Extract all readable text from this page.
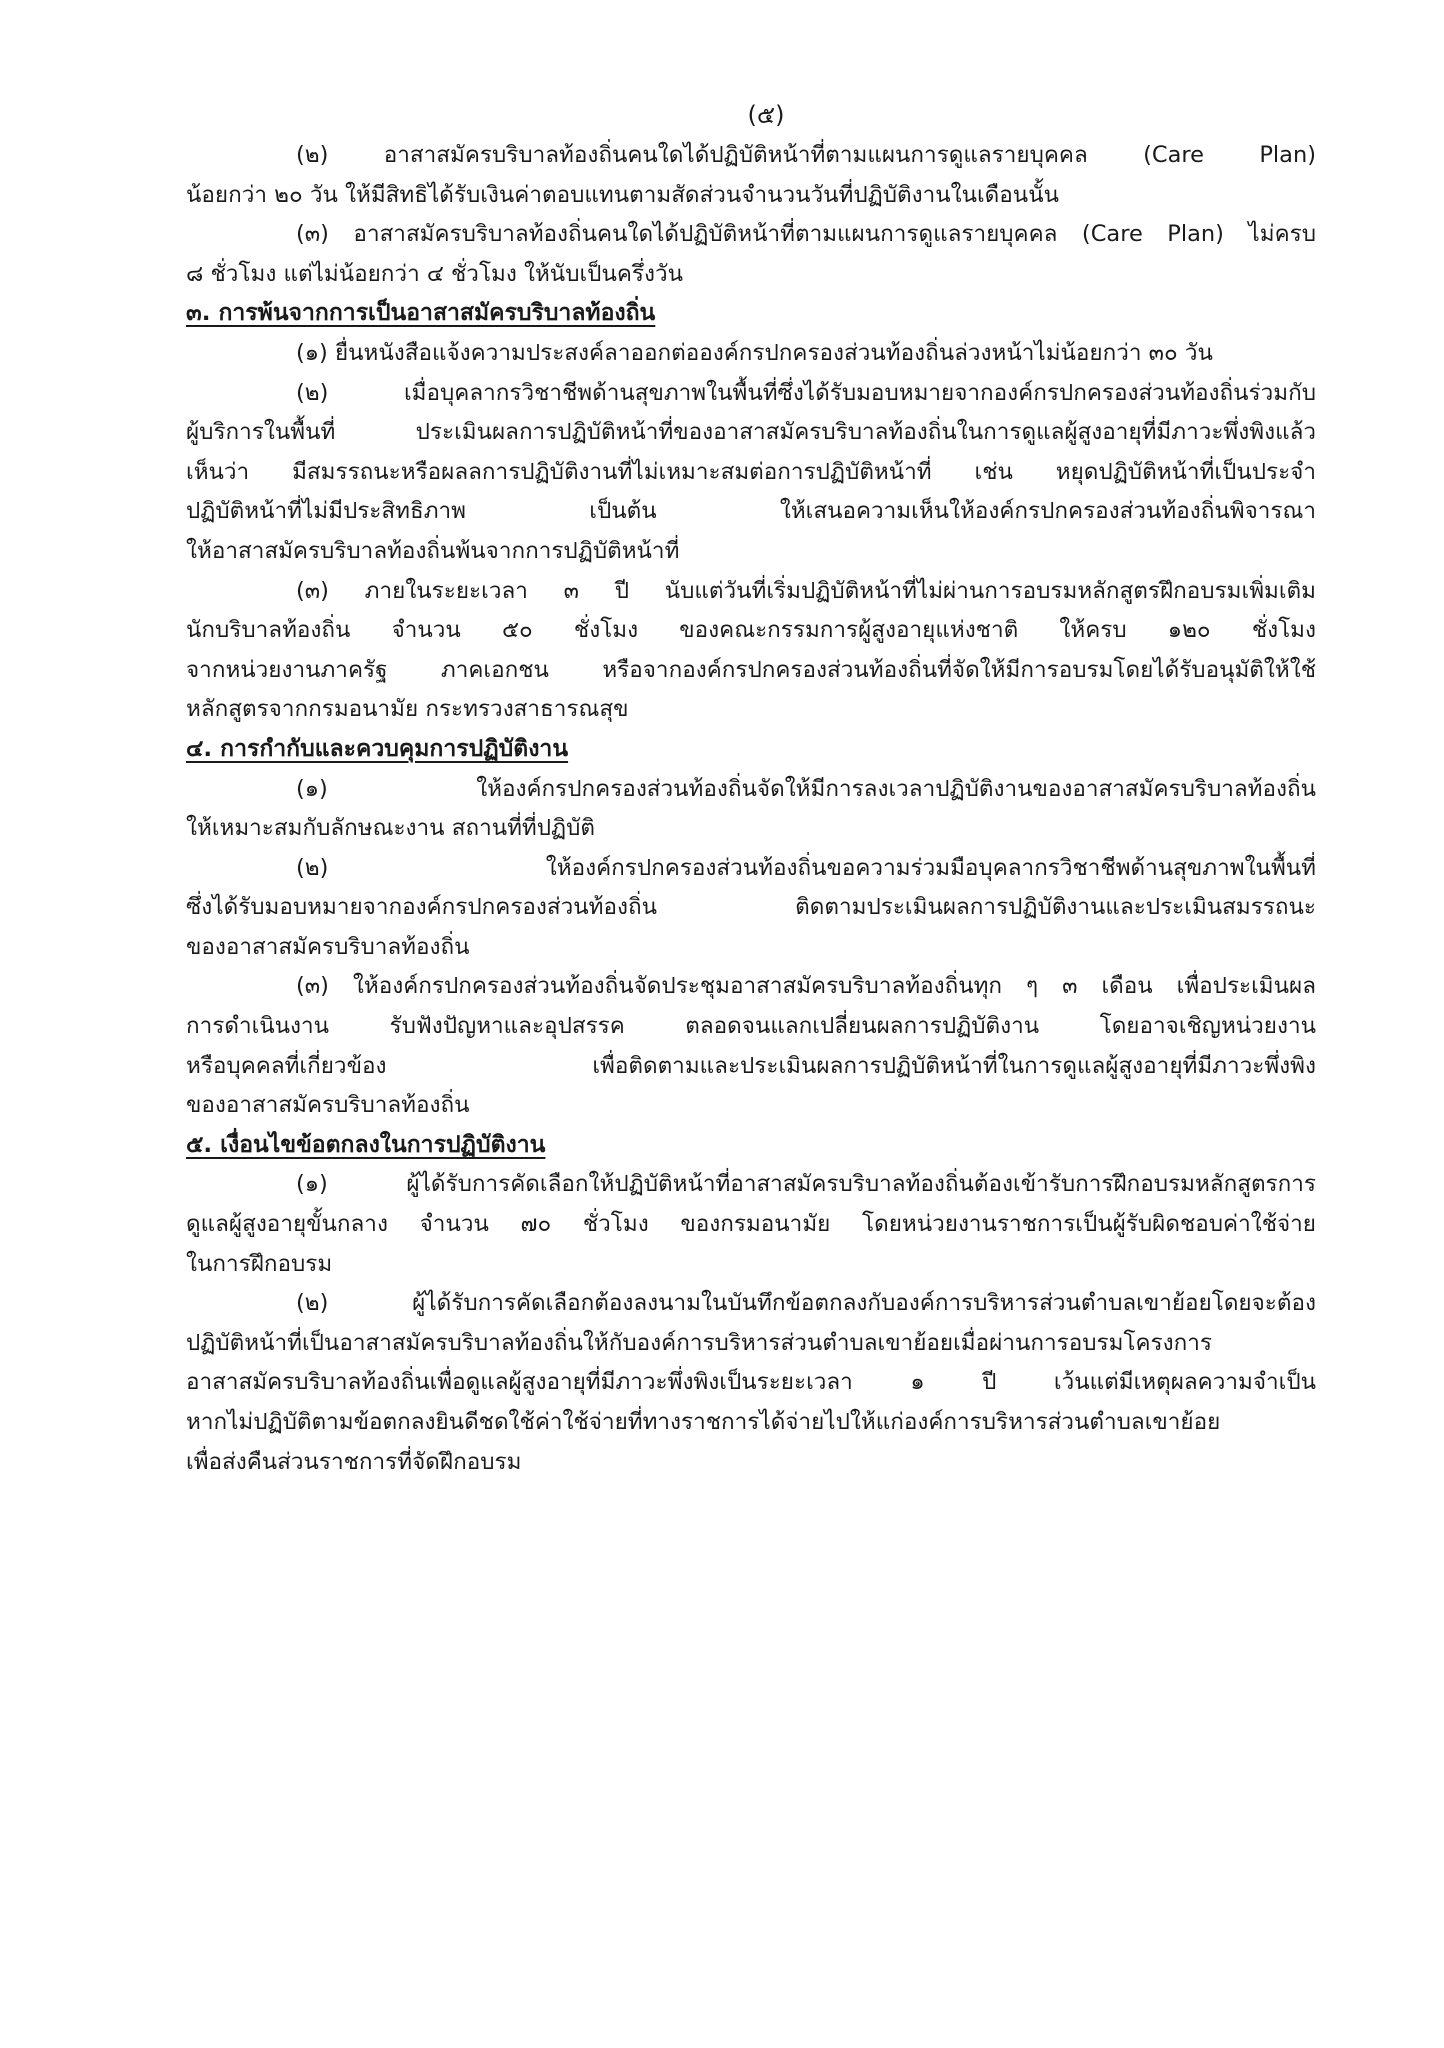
(๕)
(๒) อาสาสมัครบริบาลท้องถิ่นคนใดได้ปฏิบัติหน้าที่ตามแผนการดูแลรายบุคคล (Care Plan)
น้อยกว่า ๒๐ วัน ให้มีสิทธิได้รับเงินค่าตอบแทนตามสัดส่วนจำนวนวันที่ปฏิบัติงานในเดือนนั้น
(๓) อาสาสมัครบริบาลท้องถิ่นคนใดได้ปฏิบัติหน้าที่ตามแผนการดูแลรายบุคคล (Care Plan) ไม่ครบ
๘ ชั่วโมง แต่ไม่น้อยกว่า ๔ ชั่วโมง ให้นับเป็นครึ่งวัน
๓. การพ้นจากการเป็นอาสาสมัครบริบาลท้องถิ่น
(๑) ยื่นหนังสือแจ้งความประสงค์ลาออกต่อองค์กรปกครองส่วนท้องถิ่นล่วงหน้าไม่น้อยกว่า ๓๐ วัน
(๒) เมื่อบุคลากรวิชาชีพด้านสุขภาพในพื้นที่ซึ่งได้รับมอบหมายจากองค์กรปกครองส่วนท้องถิ่นร่วมกับ
ผู้บริการในพื้นที่ ประเมินผลการปฏิบัติหน้าที่ของอาสาสมัครบริบาลท้องถิ่นในการดูแลผู้สูงอายุที่มีภาวะพึ่งพิงแล้ว
เห็นว่า มีสมรรถนะหรือผลลการปฏิบัติงานที่ไม่เหมาะสมต่อการปฏิบัติหน้าที่ เช่น หยุดปฏิบัติหน้าที่เป็นประจำ
ปฏิบัติหน้าที่ไม่มีประสิทธิภาพ เป็นต้น ให้เสนอความเห็นให้องค์กรปกครองส่วนท้องถิ่นพิจารณา
ให้อาสาสมัครบริบาลท้องถิ่นพ้นจากการปฏิบัติหน้าที่
(๓) ภายในระยะเวลา ๓ ปี นับแต่วันที่เริ่มปฏิบัติหน้าที่ไม่ผ่านการอบรมหลักสูตรฝึกอบรมเพิ่มเติม
นักบริบาลท้องถิ่น จำนวน ๕๐ ชั่งโมง ของคณะกรรมการผู้สูงอายุแห่งชาติ ให้ครบ ๑๒๐ ชั่งโมง
จากหน่วยงานภาครัฐ ภาคเอกชน หรือจากองค์กรปกครองส่วนท้องถิ่นที่จัดให้มีการอบรมโดยได้รับอนุมัติให้ใช้
หลักสูตรจากกรมอนามัย กระทรวงสาธารณสุข
๔. การกำกับและควบคุมการปฏิบัติงาน
(๑) ให้องค์กรปกครองส่วนท้องถิ่นจัดให้มีการลงเวลาปฏิบัติงานของอาสาสมัครบริบาลท้องถิ่น
ให้เหมาะสมกับลักษณะงาน สถานที่ที่ปฏิบัติ
(๒) ให้องค์กรปกครองส่วนท้องถิ่นขอความร่วมมือบุคลากรวิชาชีพด้านสุขภาพในพื้นที่
ซึ่งได้รับมอบหมายจากองค์กรปกครองส่วนท้องถิ่น ติดตามประเมินผลการปฏิบัติงานและประเมินสมรรถนะ
ของอาสาสมัครบริบาลท้องถิ่น
(๓) ให้องค์กรปกครองส่วนท้องถิ่นจัดประชุมอาสาสมัครบริบาลท้องถิ่นทุก ๆ ๓ เดือน เพื่อประเมินผล
การดำเนินงาน รับฟังปัญหาและอุปสรรค ตลอดจนแลกเปลี่ยนผลการปฏิบัติงาน โดยอาจเชิญหน่วยงาน
หรือบุคคลที่เกี่ยวข้อง เพื่อติดตามและประเมินผลการปฏิบัติหน้าที่ในการดูแลผู้สูงอายุที่มีภาวะพึ่งพิง
ของอาสาสมัครบริบาลท้องถิ่น
๕. เงื่อนไขข้อตกลงในการปฏิบัติงาน
(๑) ผู้ได้รับการคัดเลือกให้ปฏิบัติหน้าที่อาสาสมัครบริบาลท้องถิ่นต้องเข้ารับการฝึกอบรมหลักสูตรการ
ดูแลผู้สูงอายุขั้นกลาง จำนวน ๗๐ ชั่วโมง ของกรมอนามัย โดยหน่วยงานราชการเป็นผู้รับผิดชอบค่าใช้จ่าย
ในการฝึกอบรม
(๒) ผู้ได้รับการคัดเลือกต้องลงนามในบันทึกข้อตกลงกับองค์การบริหารส่วนตำบลเขาย้อยโดยจะต้อง
ปฏิบัติหน้าที่เป็นอาสาสมัครบริบาลท้องถิ่นให้กับองค์การบริหารส่วนตำบลเขาย้อยเมื่อผ่านการอบรมโครงการ
อาสาสมัครบริบาลท้องถิ่นเพื่อดูแลผู้สูงอายุที่มีภาวะพึ่งพิงเป็นระยะเวลา ๑ ปี เว้นแต่มีเหตุผลความจำเป็น
หากไม่ปฏิบัติตามข้อตกลงยินดีชดใช้ค่าใช้จ่ายที่ทางราชการได้จ่ายไปให้แก่องค์การบริหารส่วนตำบลเขาย้อย
เพื่อส่งคืนส่วนราชการที่จัดฝึกอบรม
